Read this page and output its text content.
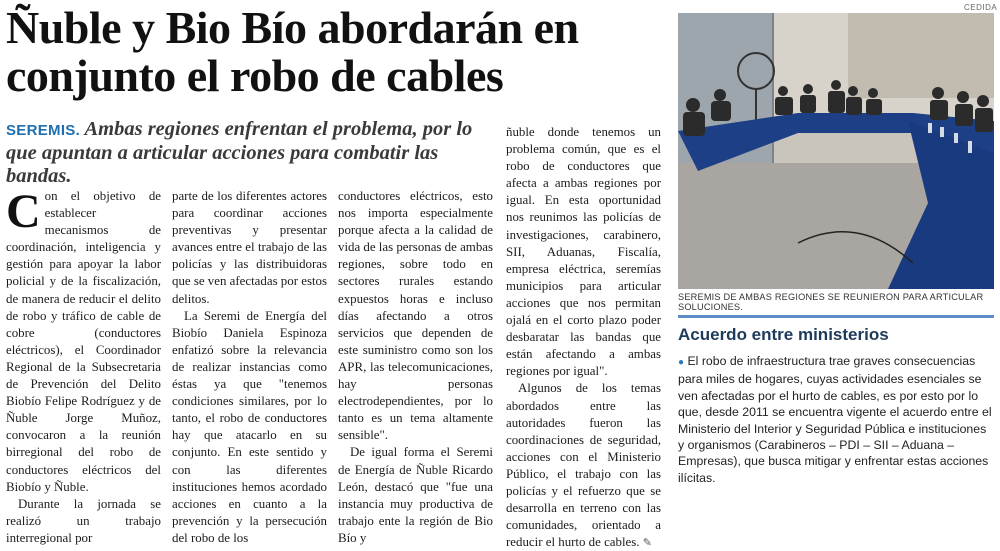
Ñuble y Bio Bío abordarán en conjunto el robo de cables

SEREMIS. Ambas regiones enfrentan el problema, por lo que apuntan a articular acciones para combatir las bandas.

Con el objetivo de establecer mecanismos de coordinación, inteligencia y gestión para apoyar la labor policial y de la fiscalización, de manera de reducir el delito de robo y tráfico de cable de cobre (conductores eléctricos), el Coordinador Regional de la Subsecretaria de Prevención del Delito Biobío Felipe Rodríguez y de Ñuble Jorge Muñoz, convocaron a la reunión birregional del robo de conductores eléctricos del Biobío y Ñuble.

Durante la jornada se realizó un trabajo interregional por

parte de los diferentes actores para coordinar acciones preventivas y presentar avances entre el trabajo de las policías y las distribuidoras que se ven afectadas por estos delitos.

La Seremi de Energía del Biobío Daniela Espinoza enfatizó sobre la relevancia de realizar instancias como éstas ya que "tenemos condiciones similares, por lo tanto, el robo de conductores hay que atacarlo en su conjunto. En este sentido y con las diferentes instituciones hemos acordado acciones en cuanto a la prevención y la persecución del robo de los

conductores eléctricos, esto nos importa especialmente porque afecta a la calidad de vida de las personas de ambas regiones, sobre todo en sectores rurales estando expuestos horas e incluso días afectando a otros servicios que dependen de este suministro como son los APR, las telecomunicaciones, hay personas electrodependientes, por lo tanto es un tema altamente sensible".

De igual forma el Seremi de Energía de Ñuble Ricardo León, destacó que "fue una instancia muy productiva de trabajo ente la región de Bio Bío y

ñuble donde tenemos un problema común, que es el robo de conductores que afecta a ambas regiones por igual. En esta oportunidad nos reunimos las policías de investigaciones, carabinero, SII, Aduanas, Fiscalía, empresa eléctrica, seremías municipios para articular acciones que nos permitan ojalá en el corto plazo poder desbaratar las bandas que están afectando a ambas regiones por igual".

Algunos de los temas abordados entre las autoridades fueron las coordinaciones de seguridad, acciones con el Ministerio Público, el trabajo con las policías y el refuerzo que se desarrolla en terreno con las comunidades, orientado a reducir el hurto de cables. ✎

CEDIDA
SEREMIS DE AMBAS REGIONES SE REUNIERON PARA ARTICULAR SOLUCIONES.
Acuerdo entre ministerios

● El robo de infraestructura trae graves consecuencias para miles de hogares, cuyas actividades esenciales se ven afectadas por el hurto de cables, es por esto por lo que, desde 2011 se encuentra vigente el acuerdo entre el Ministerio del Interior y Seguridad Pública e instituciones y organismos (Carabineros – PDI – SII – Aduana – Empresas), que busca mitigar y enfrentar estas acciones ilícitas.
